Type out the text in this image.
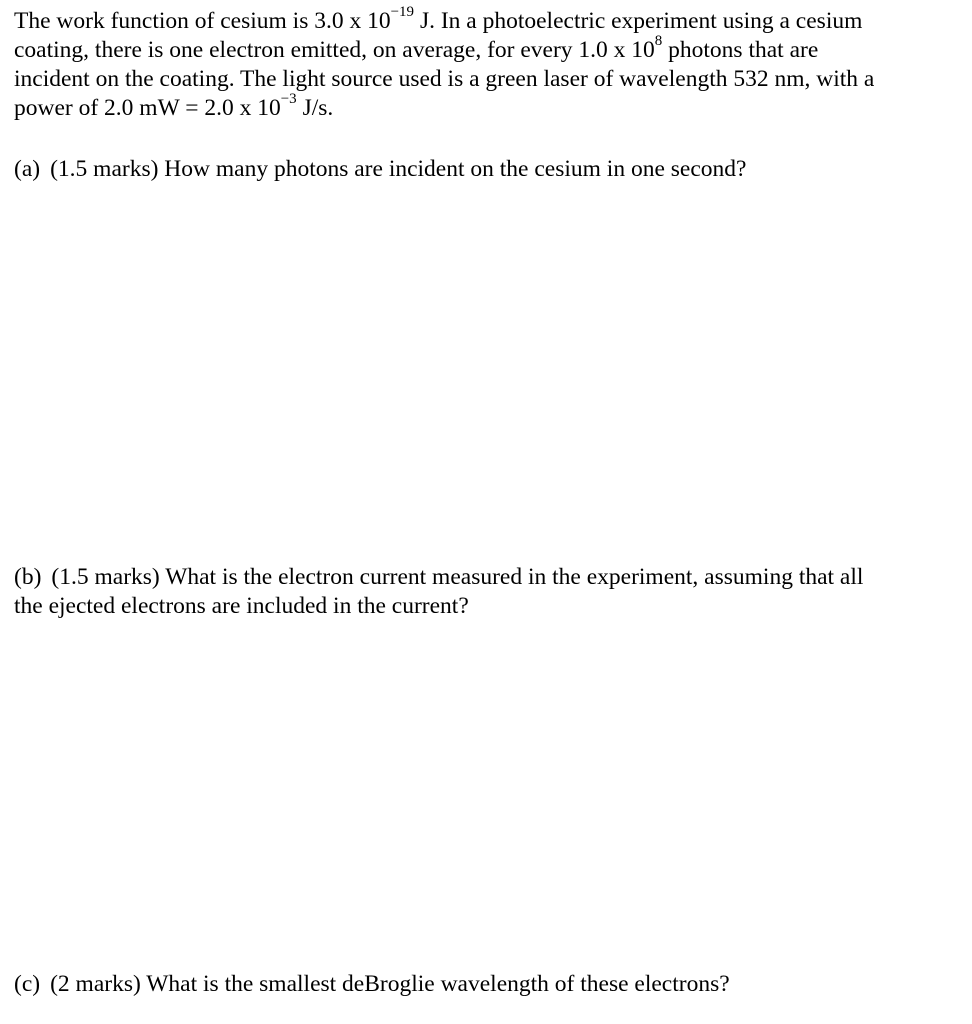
The work function of cesium is 3.0 x $10^{-19}$ J. In a photoelectric experiment using a cesium
coating, there is one electron emitted, on average, for every 1.0 x $10^8$ photons that are
incident on the coating. The light source used is a green laser of wavelength 532 nm, with a
power of 2.0 mW = 2.0 x $10^{-3}$ J/s.

(a) (1.5 marks) How many photons are incident on the cesium in one second?

(b) (1.5 marks) What is the electron current measured in the experiment, assuming that all
the ejected electrons are included in the current?

(c) (2 marks) What is the smallest deBroglie wavelength of these electrons?
